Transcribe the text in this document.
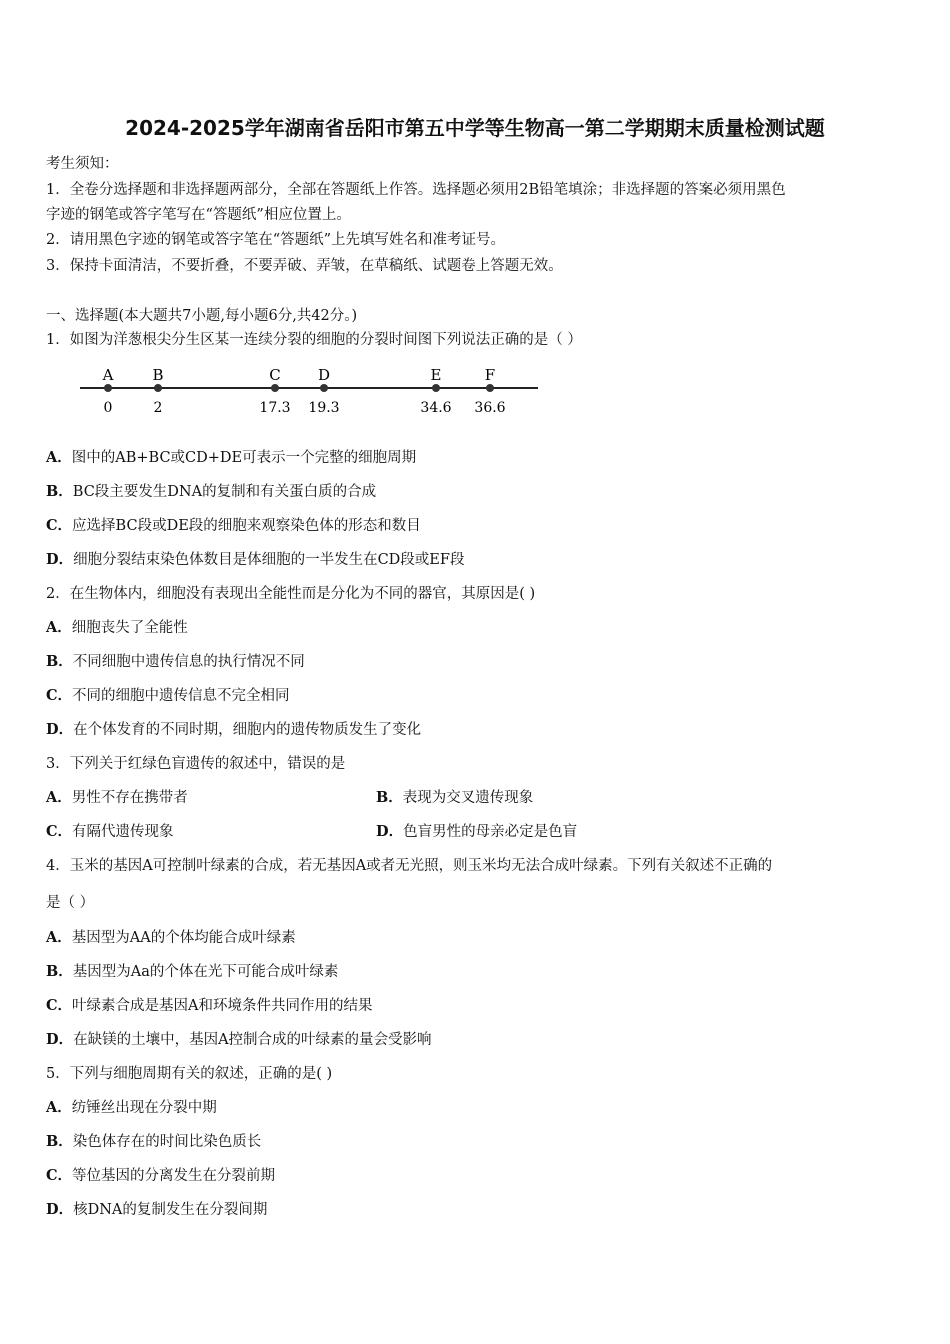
2024-2025学年湖南省岳阳市第五中学等生物高一第二学期期末质量检测试题
考生须知：
1．全卷分选择题和非选择题两部分，全部在答题纸上作答。选择题必须用2B铅笔填涂；非选择题的答案必须用黑色
字迹的钢笔或答字笔写在“答题纸”相应位置上。
2．请用黑色字迹的钢笔或答字笔在“答题纸”上先填写姓名和准考证号。
3．保持卡面清洁，不要折叠，不要弄破、弄皱，在草稿纸、试题卷上答题无效。
一、选择题(本大题共7小题,每小题6分,共42分。)
1．如图为洋葱根尖分生区某一连续分裂的细胞的分裂时间图下列说法正确的是（ ）
A
0
B
2
C
17.3
D
19.3
E
34.6
F
36.6
A．图中的AB+BC或CD+DE可表示一个完整的细胞周期
B．BC段主要发生DNA的复制和有关蛋白质的合成
C．应选择BC段或DE段的细胞来观察染色体的形态和数目
D．细胞分裂结束染色体数目是体细胞的一半发生在CD段或EF段
2．在生物体内，细胞没有表现出全能性而是分化为不同的器官，其原因是( )
A．细胞丧失了全能性
B．不同细胞中遗传信息的执行情况不同
C．不同的细胞中遗传信息不完全相同
D．在个体发育的不同时期，细胞内的遗传物质发生了变化
3．下列关于红绿色盲遗传的叙述中，错误的是
A．男性不存在携带者	B．表现为交叉遗传现象
C．有隔代遗传现象	D．色盲男性的母亲必定是色盲
4．玉米的基因A可控制叶绿素的合成，若无基因A或者无光照，则玉米均无法合成叶绿素。下列有关叙述不正确的
是（ ）
A．基因型为AA的个体均能合成叶绿素
B．基因型为Aa的个体在光下可能合成叶绿素
C．叶绿素合成是基因A和环境条件共同作用的结果
D．在缺镁的土壤中，基因A控制合成的叶绿素的量会受影响
5．下列与细胞周期有关的叙述，正确的是( )
A．纺锤丝出现在分裂中期
B．染色体存在的时间比染色质长
C．等位基因的分离发生在分裂前期
D．核DNA的复制发生在分裂间期
